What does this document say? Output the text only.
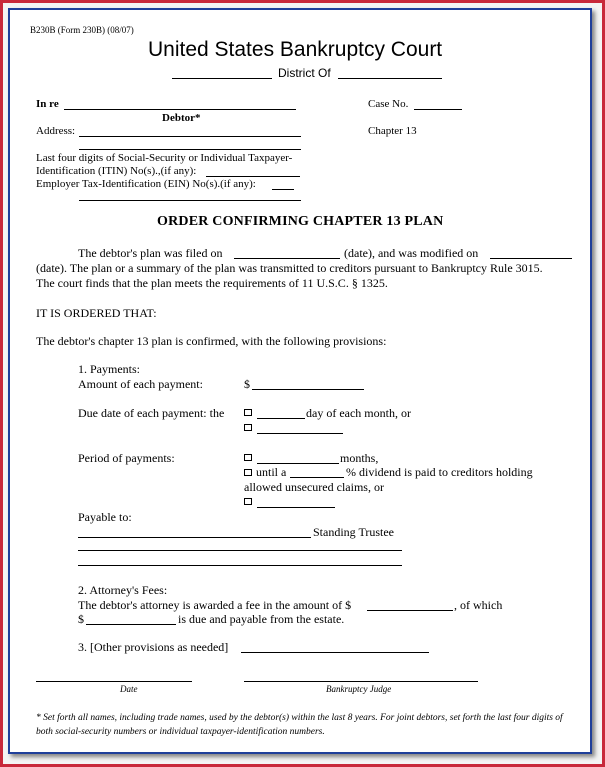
B230B (Form 230B) (08/07)
United States Bankruptcy Court
District Of
In re
Debtor*
Address:
Case No.
Chapter 13
Last four digits of Social-Security or Individual Taxpayer-
Identification (ITIN) No(s).,(if any):
Employer Tax-Identification (EIN) No(s).(if any):
ORDER CONFIRMING CHAPTER 13 PLAN
The debtor's plan was filed on	(date), and was modified on
(date). The plan or a summary of the plan was transmitted to creditors pursuant to Bankruptcy Rule 3015.
The court finds that the plan meets the requirements of 11 U.S.C. § 1325.
IT IS ORDERED THAT:
The debtor's chapter 13 plan is confirmed, with the following provisions:
1. Payments:
Amount of each payment:	$
Due date of each payment: the	day of each month, or
Period of payments:	months,
until a	% dividend is paid to creditors holding
allowed unsecured claims, or
Payable to:
Standing Trustee
2. Attorney's Fees:
The debtor's attorney is awarded a fee in the amount of $	, of which
$	is due and payable from the estate.
3. [Other provisions as needed]
Date	Bankruptcy Judge
* Set forth all names, including trade names, used by the debtor(s) within the last 8 years. For joint debtors, set forth the last four digits of both social-security numbers or individual taxpayer-identification numbers.
